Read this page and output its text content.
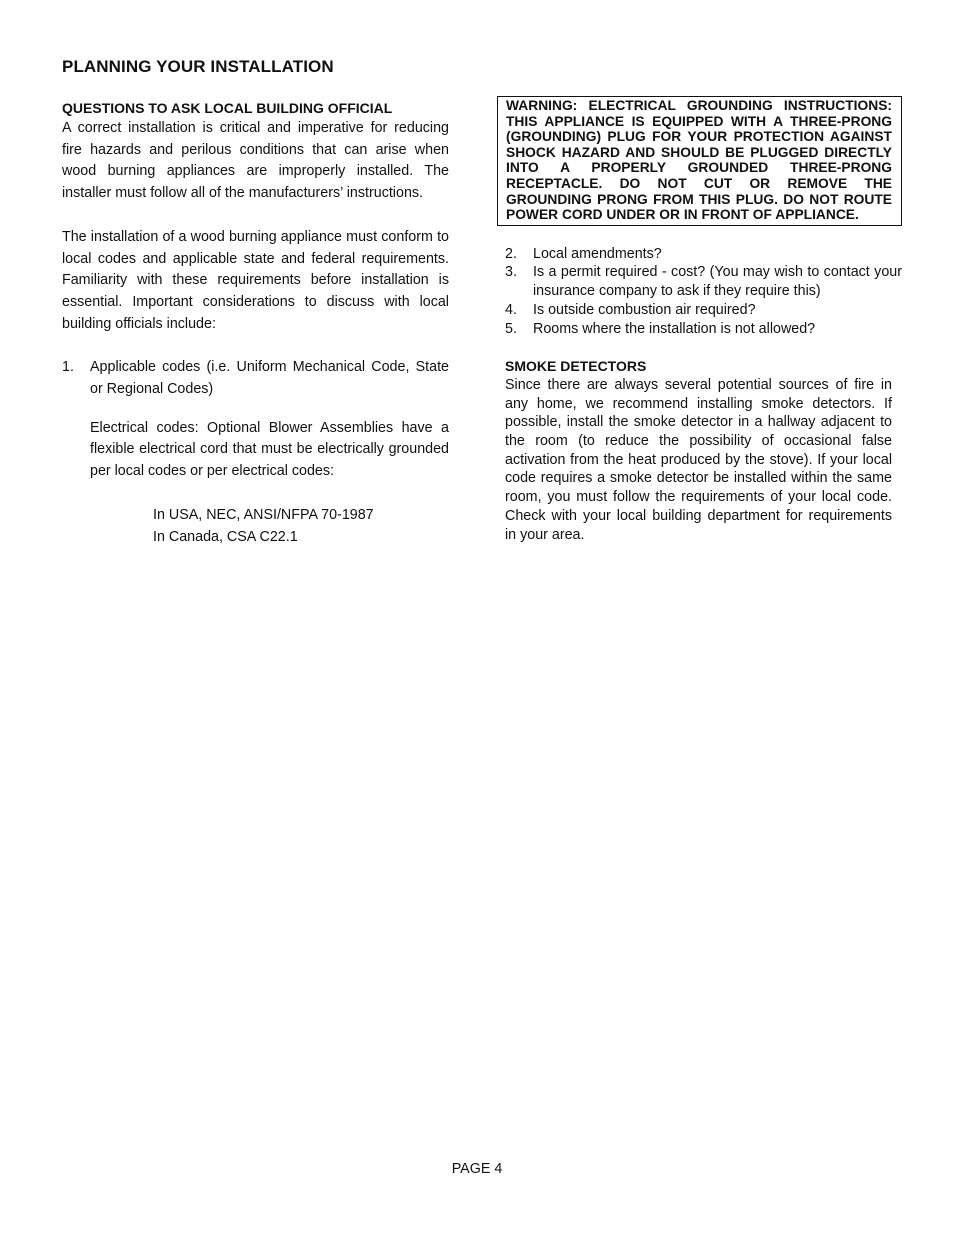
PLANNING YOUR INSTALLATION
QUESTIONS TO ASK LOCAL BUILDING OFFICIAL

A correct installation is critical and imperative for reducing fire hazards and perilous conditions that can arise when wood burning appliances are improperly installed. The installer must follow all of the manufacturers’ instructions.

The installation of a wood burning appliance must conform to local codes and applicable state and federal requirements. Familiarity with these requirements before installation is essential. Important considerations to discuss with local building officials include:

1.	Applicable codes (i.e. Uniform Mechanical Code, State or Regional Codes)

Electrical codes: Optional Blower Assemblies have a flexible electrical cord that must be electrically grounded per local codes or per electrical codes:

In USA, NEC, ANSI/NFPA 70-1987
In Canada, CSA C22.1
WARNING: ELECTRICAL GROUNDING INSTRUCTIONS: THIS APPLIANCE IS EQUIPPED WITH A THREE-PRONG (GROUNDING) PLUG FOR YOUR PROTECTION AGAINST SHOCK HAZARD AND SHOULD BE PLUGGED DIRECTLY INTO A PROPERLY GROUNDED THREE-PRONG RECEPTACLE. DO NOT CUT OR REMOVE THE GROUNDING PRONG FROM THIS PLUG. DO NOT ROUTE POWER CORD UNDER OR IN FRONT OF APPLIANCE.
2.	Local amendments?
3.	Is a permit required - cost? (You may wish to contact your insurance company to ask if they require this)
4.	Is outside combustion air required?
5.	Rooms where the installation is not allowed?
SMOKE DETECTORS

Since there are always several potential sources of fire in any home, we recommend installing smoke detectors. If possible, install the smoke detector in a hallway adjacent to the room (to reduce the possibility of occasional false activation from the heat produced by the stove). If your local code requires a smoke detector be installed within the same room, you must follow the requirements of your local code. Check with your local building department for requirements in your area.

PAGE 4
